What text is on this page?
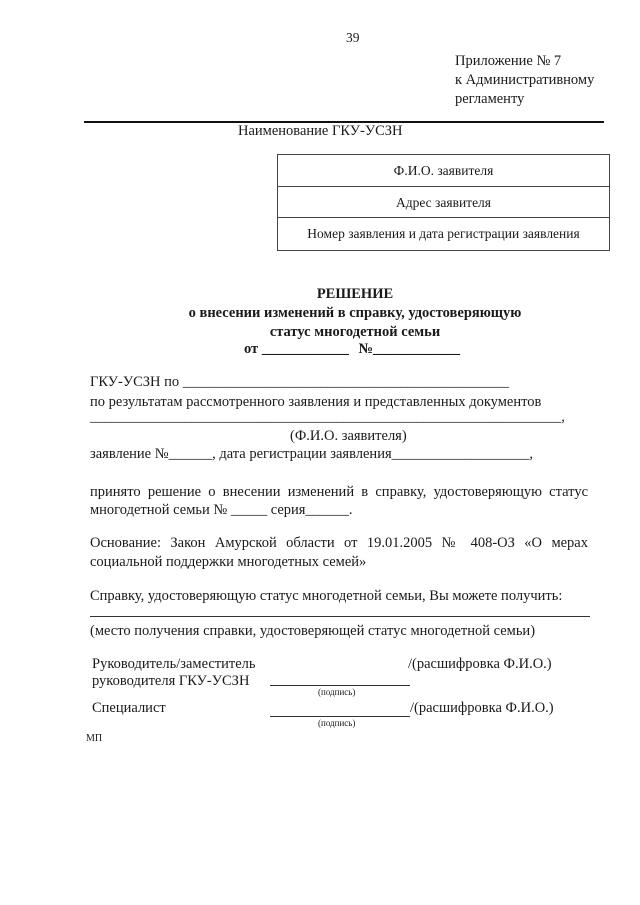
39
Приложение № 7
к Административному
регламенту
Наименование ГКУ-УСЗН
Ф.И.О. заявителя
Адрес заявителя
Номер заявления и дата регистрации заявления
РЕШЕНИЕ
о внесении изменений в справку, удостоверяющую
статус многодетной семьи
от ____________ №____________
ГКУ-УСЗН по _____________________________________________
по результатам рассмотренного заявления и представленных документов
_________________________________________________________________,
(Ф.И.О. заявителя)
заявление №______, дата регистрации заявления___________________,
принято решение о внесении изменений в справку, удостоверяющую статус
многодетной семьи № _____ серия______.
Основание: Закон Амурской области от 19.01.2005 № 408-ОЗ «О мерах
социальной поддержки многодетных семей»
Справку, удостоверяющую статус многодетной семьи, Вы можете получить:
(место получения справки, удостоверяющей статус многодетной семьи)
Руководитель/заместитель
руководителя ГКУ-УСЗН
/(расшифровка Ф.И.О.)
(подпись)
Специалист	/(расшифровка Ф.И.О.)
(подпись)
МП
